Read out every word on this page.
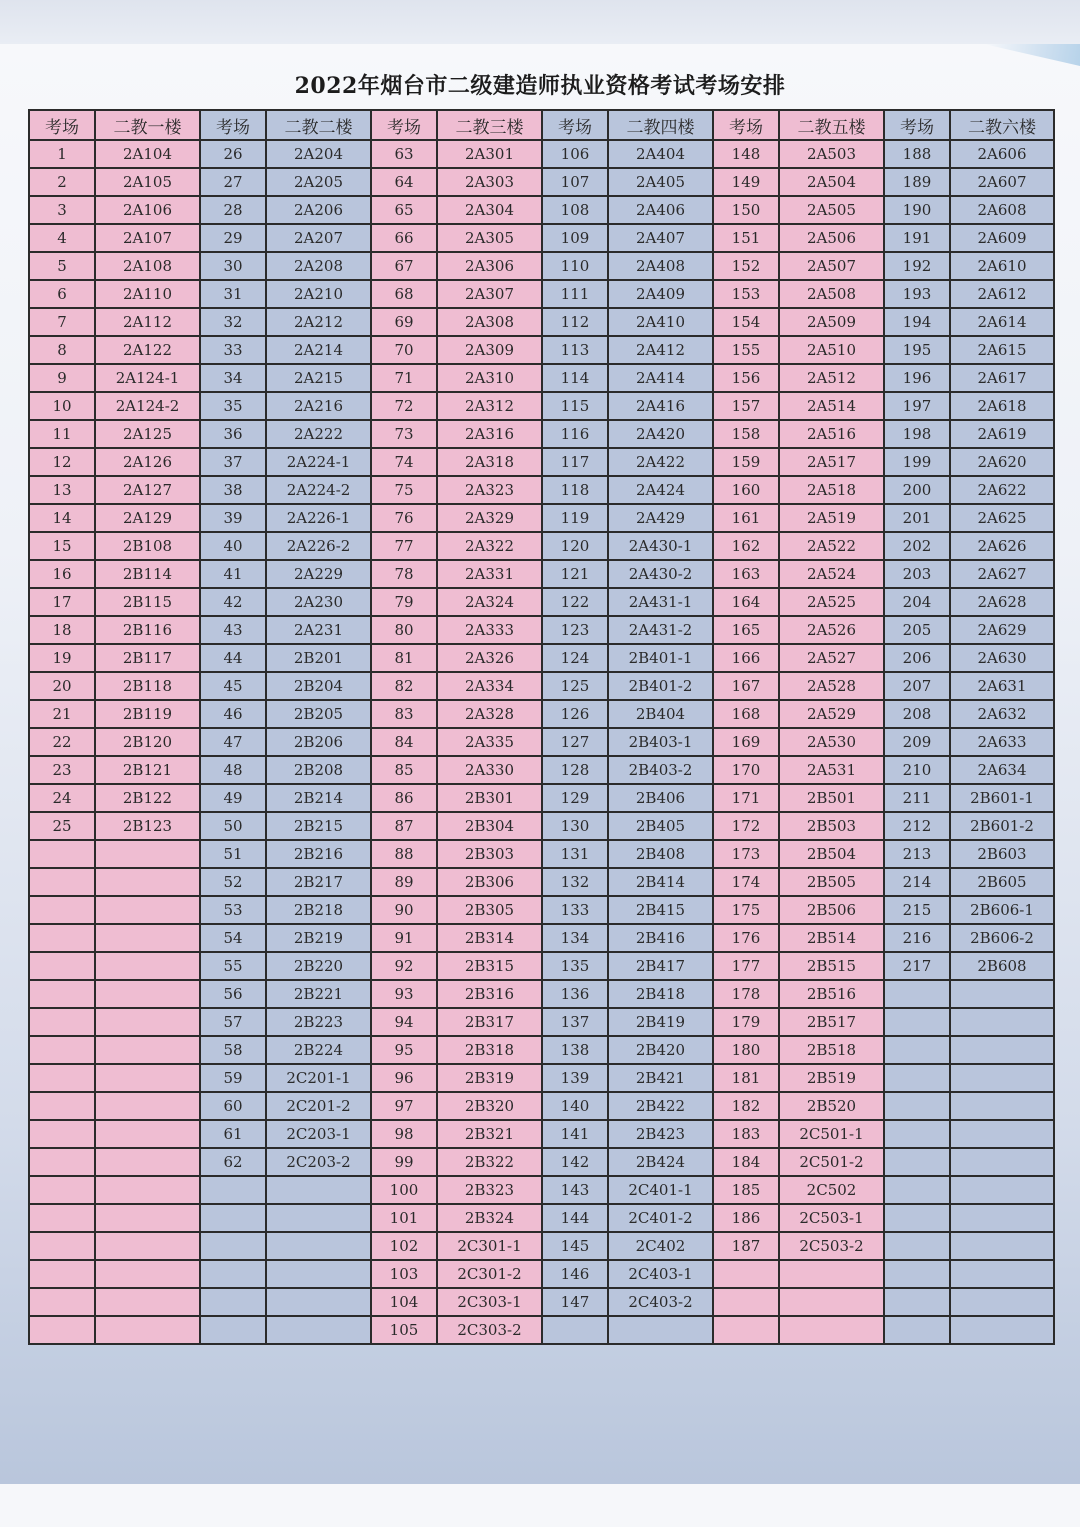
2022年烟台市二级建造师执业资格考试考场安排
考场	二教一楼	考场	二教二楼	考场	二教三楼	考场	二教四楼	考场	二教五楼	考场	二教六楼
1	2A104	26	2A204	63	2A301	106	2A404	148	2A503	188	2A606
2	2A105	27	2A205	64	2A303	107	2A405	149	2A504	189	2A607
3	2A106	28	2A206	65	2A304	108	2A406	150	2A505	190	2A608
4	2A107	29	2A207	66	2A305	109	2A407	151	2A506	191	2A609
5	2A108	30	2A208	67	2A306	110	2A408	152	2A507	192	2A610
6	2A110	31	2A210	68	2A307	111	2A409	153	2A508	193	2A612
7	2A112	32	2A212	69	2A308	112	2A410	154	2A509	194	2A614
8	2A122	33	2A214	70	2A309	113	2A412	155	2A510	195	2A615
9	2A124-1	34	2A215	71	2A310	114	2A414	156	2A512	196	2A617
10	2A124-2	35	2A216	72	2A312	115	2A416	157	2A514	197	2A618
11	2A125	36	2A222	73	2A316	116	2A420	158	2A516	198	2A619
12	2A126	37	2A224-1	74	2A318	117	2A422	159	2A517	199	2A620
13	2A127	38	2A224-2	75	2A323	118	2A424	160	2A518	200	2A622
14	2A129	39	2A226-1	76	2A329	119	2A429	161	2A519	201	2A625
15	2B108	40	2A226-2	77	2A322	120	2A430-1	162	2A522	202	2A626
16	2B114	41	2A229	78	2A331	121	2A430-2	163	2A524	203	2A627
17	2B115	42	2A230	79	2A324	122	2A431-1	164	2A525	204	2A628
18	2B116	43	2A231	80	2A333	123	2A431-2	165	2A526	205	2A629
19	2B117	44	2B201	81	2A326	124	2B401-1	166	2A527	206	2A630
20	2B118	45	2B204	82	2A334	125	2B401-2	167	2A528	207	2A631
21	2B119	46	2B205	83	2A328	126	2B404	168	2A529	208	2A632
22	2B120	47	2B206	84	2A335	127	2B403-1	169	2A530	209	2A633
23	2B121	48	2B208	85	2A330	128	2B403-2	170	2A531	210	2A634
24	2B122	49	2B214	86	2B301	129	2B406	171	2B501	211	2B601-1
25	2B123	50	2B215	87	2B304	130	2B405	172	2B503	212	2B601-2
		51	2B216	88	2B303	131	2B408	173	2B504	213	2B603
		52	2B217	89	2B306	132	2B414	174	2B505	214	2B605
		53	2B218	90	2B305	133	2B415	175	2B506	215	2B606-1
		54	2B219	91	2B314	134	2B416	176	2B514	216	2B606-2
		55	2B220	92	2B315	135	2B417	177	2B515	217	2B608
		56	2B221	93	2B316	136	2B418	178	2B516		
		57	2B223	94	2B317	137	2B419	179	2B517		
		58	2B224	95	2B318	138	2B420	180	2B518		
		59	2C201-1	96	2B319	139	2B421	181	2B519		
		60	2C201-2	97	2B320	140	2B422	182	2B520		
		61	2C203-1	98	2B321	141	2B423	183	2C501-1		
		62	2C203-2	99	2B322	142	2B424	184	2C501-2		
				100	2B323	143	2C401-1	185	2C502		
				101	2B324	144	2C401-2	186	2C503-1		
				102	2C301-1	145	2C402	187	2C503-2		
				103	2C301-2	146	2C403-1				
				104	2C303-1	147	2C403-2				
				105	2C303-2						
